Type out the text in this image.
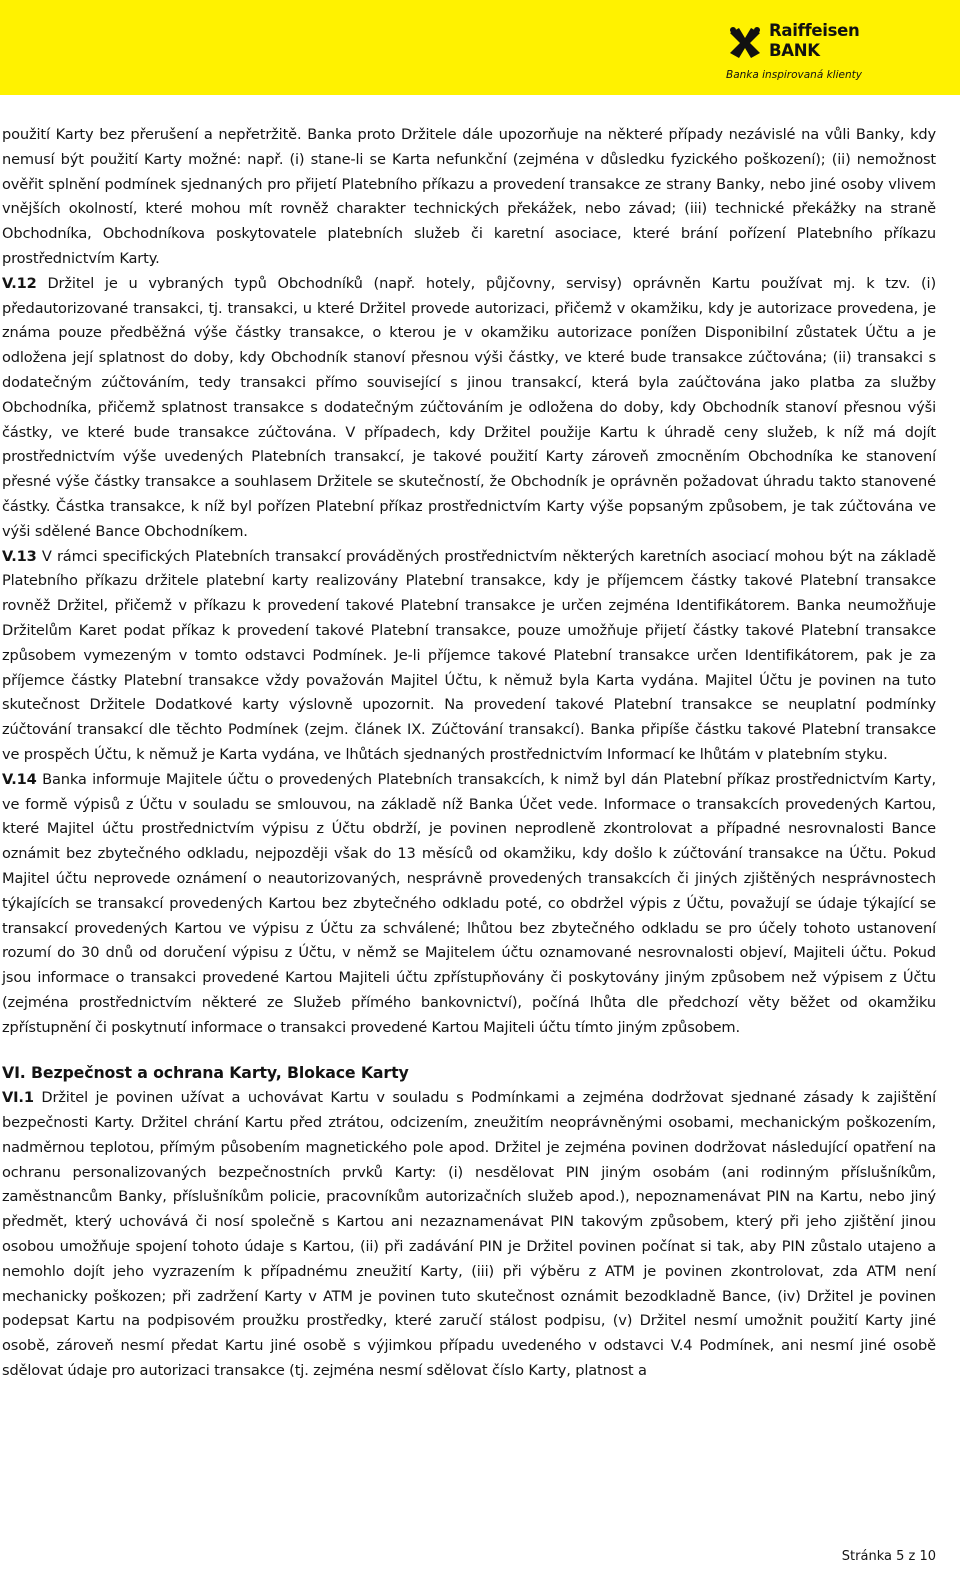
Raiffeisen BANK
Banka inspirovaná klienty

použití Karty bez přerušení a nepřetržitě. Banka proto Držitele dále upozorňuje na některé případy nezávislé na vůli Banky, kdy nemusí být použití Karty možné: např. (i) stane-li se Karta nefunkční (zejména v důsledku fyzického poškození); (ii) nemožnost ověřit splnění podmínek sjednaných pro přijetí Platebního příkazu a provedení transakce ze strany Banky, nebo jiné osoby vlivem vnějších okolností, které mohou mít rovněž charakter technických překážek, nebo závad; (iii) technické překážky na straně Obchodníka, Obchodníkova poskytovatele platebních služeb či karetní asociace, které brání pořízení Platebního příkazu prostřednictvím Karty.

V.12 Držitel je u vybraných typů Obchodníků (např. hotely, půjčovny, servisy) oprávněn Kartu používat mj. k tzv. (i) předautorizované transakci, tj. transakci, u které Držitel provede autorizaci, přičemž v okamžiku, kdy je autorizace provedena, je známa pouze předběžná výše částky transakce, o kterou je v okamžiku autorizace ponížen Disponibilní zůstatek Účtu a je odložena její splatnost do doby, kdy Obchodník stanoví přesnou výši částky, ve které bude transakce zúčtována; (ii) transakci s dodatečným zúčtováním, tedy transakci přímo související s jinou transakcí, která byla zaúčtována jako platba za služby Obchodníka, přičemž splatnost transakce s dodatečným zúčtováním je odložena do doby, kdy Obchodník stanoví přesnou výši částky, ve které bude transakce zúčtována. V případech, kdy Držitel použije Kartu k úhradě ceny služeb, k níž má dojít prostřednictvím výše uvedených Platebních transakcí, je takové použití Karty zároveň zmocněním Obchodníka ke stanovení přesné výše částky transakce a souhlasem Držitele se skutečností, že Obchodník je oprávněn požadovat úhradu takto stanovené částky. Částka transakce, k níž byl pořízen Platební příkaz prostřednictvím Karty výše popsaným způsobem, je tak zúčtována ve výši sdělené Bance Obchodníkem.

V.13 V rámci specifických Platebních transakcí prováděných prostřednictvím některých karetních asociací mohou být na základě Platebního příkazu držitele platební karty realizovány Platební transakce, kdy je příjemcem částky takové Platební transakce rovněž Držitel, přičemž v příkazu k provedení takové Platební transakce je určen zejména Identifikátorem. Banka neumožňuje Držitelům Karet podat příkaz k provedení takové Platební transakce, pouze umožňuje přijetí částky takové Platební transakce způsobem vymezeným v tomto odstavci Podmínek. Je-li příjemce takové Platební transakce určen Identifikátorem, pak je za příjemce částky Platební transakce vždy považován Majitel Účtu, k němuž byla Karta vydána. Majitel Účtu je povinen na tuto skutečnost Držitele Dodatkové karty výslovně upozornit. Na provedení takové Platební transakce se neuplatní podmínky zúčtování transakcí dle těchto Podmínek (zejm. článek IX. Zúčtování transakcí). Banka připíše částku takové Platební transakce ve prospěch Účtu, k němuž je Karta vydána, ve lhůtách sjednaných prostřednictvím Informací ke lhůtám v platebním styku.

V.14 Banka informuje Majitele účtu o provedených Platebních transakcích, k nimž byl dán Platební příkaz prostřednictvím Karty, ve formě výpisů z Účtu v souladu se smlouvou, na základě níž Banka Účet vede. Informace o transakcích provedených Kartou, které Majitel účtu prostřednictvím výpisu z Účtu obdrží, je povinen neprodleně zkontrolovat a případné nesrovnalosti Bance oznámit bez zbytečného odkladu, nejpozději však do 13 měsíců od okamžiku, kdy došlo k zúčtování transakce na Účtu. Pokud Majitel účtu neprovede oznámení o neautorizovaných, nesprávně provedených transakcích či jiných zjištěných nesprávnostech týkajících se transakcí provedených Kartou bez zbytečného odkladu poté, co obdržel výpis z Účtu, považují se údaje týkající se transakcí provedených Kartou ve výpisu z Účtu za schválené; lhůtou bez zbytečného odkladu se pro účely tohoto ustanovení rozumí do 30 dnů od doručení výpisu z Účtu, v němž se Majitelem účtu oznamované nesrovnalosti objeví, Majiteli účtu. Pokud jsou informace o transakci provedené Kartou Majiteli účtu zpřístupňovány či poskytovány jiným způsobem než výpisem z Účtu (zejména prostřednictvím některé ze Služeb přímého bankovnictví), počíná lhůta dle předchozí věty běžet od okamžiku zpřístupnění či poskytnutí informace o transakci provedené Kartou Majiteli účtu tímto jiným způsobem.

VI. Bezpečnost a ochrana Karty, Blokace Karty

VI.1 Držitel je povinen užívat a uchovávat Kartu v souladu s Podmínkami a zejména dodržovat sjednané zásady k zajištění bezpečnosti Karty. Držitel chrání Kartu před ztrátou, odcizením, zneužitím neoprávněnými osobami, mechanickým poškozením, nadměrnou teplotou, přímým působením magnetického pole apod. Držitel je zejména povinen dodržovat následující opatření na ochranu personalizovaných bezpečnostních prvků Karty: (i) nesdělovat PIN jiným osobám (ani rodinným příslušníkům, zaměstnancům Banky, příslušníkům policie, pracovníkům autorizačních služeb apod.), nepoznamenávat PIN na Kartu, nebo jiný předmět, který uchovává či nosí společně s Kartou ani nezaznamenávat PIN takovým způsobem, který při jeho zjištění jinou osobou umožňuje spojení tohoto údaje s Kartou, (ii) při zadávání PIN je Držitel povinen počínat si tak, aby PIN zůstalo utajeno a nemohlo dojít jeho vyzrazením k případnému zneužití Karty, (iii) při výběru z ATM je povinen zkontrolovat, zda ATM není mechanicky poškozen; při zadržení Karty v ATM je povinen tuto skutečnost oznámit bezodkladně Bance, (iv) Držitel je povinen podepsat Kartu na podpisovém proužku prostředky, které zaručí stálost podpisu, (v) Držitel nesmí umožnit použití Karty jiné osobě, zároveň nesmí předat Kartu jiné osobě s výjimkou případu uvedeného v odstavci V.4 Podmínek, ani nesmí jiné osobě sdělovat údaje pro autorizaci transakce (tj. zejména nesmí sdělovat číslo Karty, platnost a

Stránka 5 z 10
